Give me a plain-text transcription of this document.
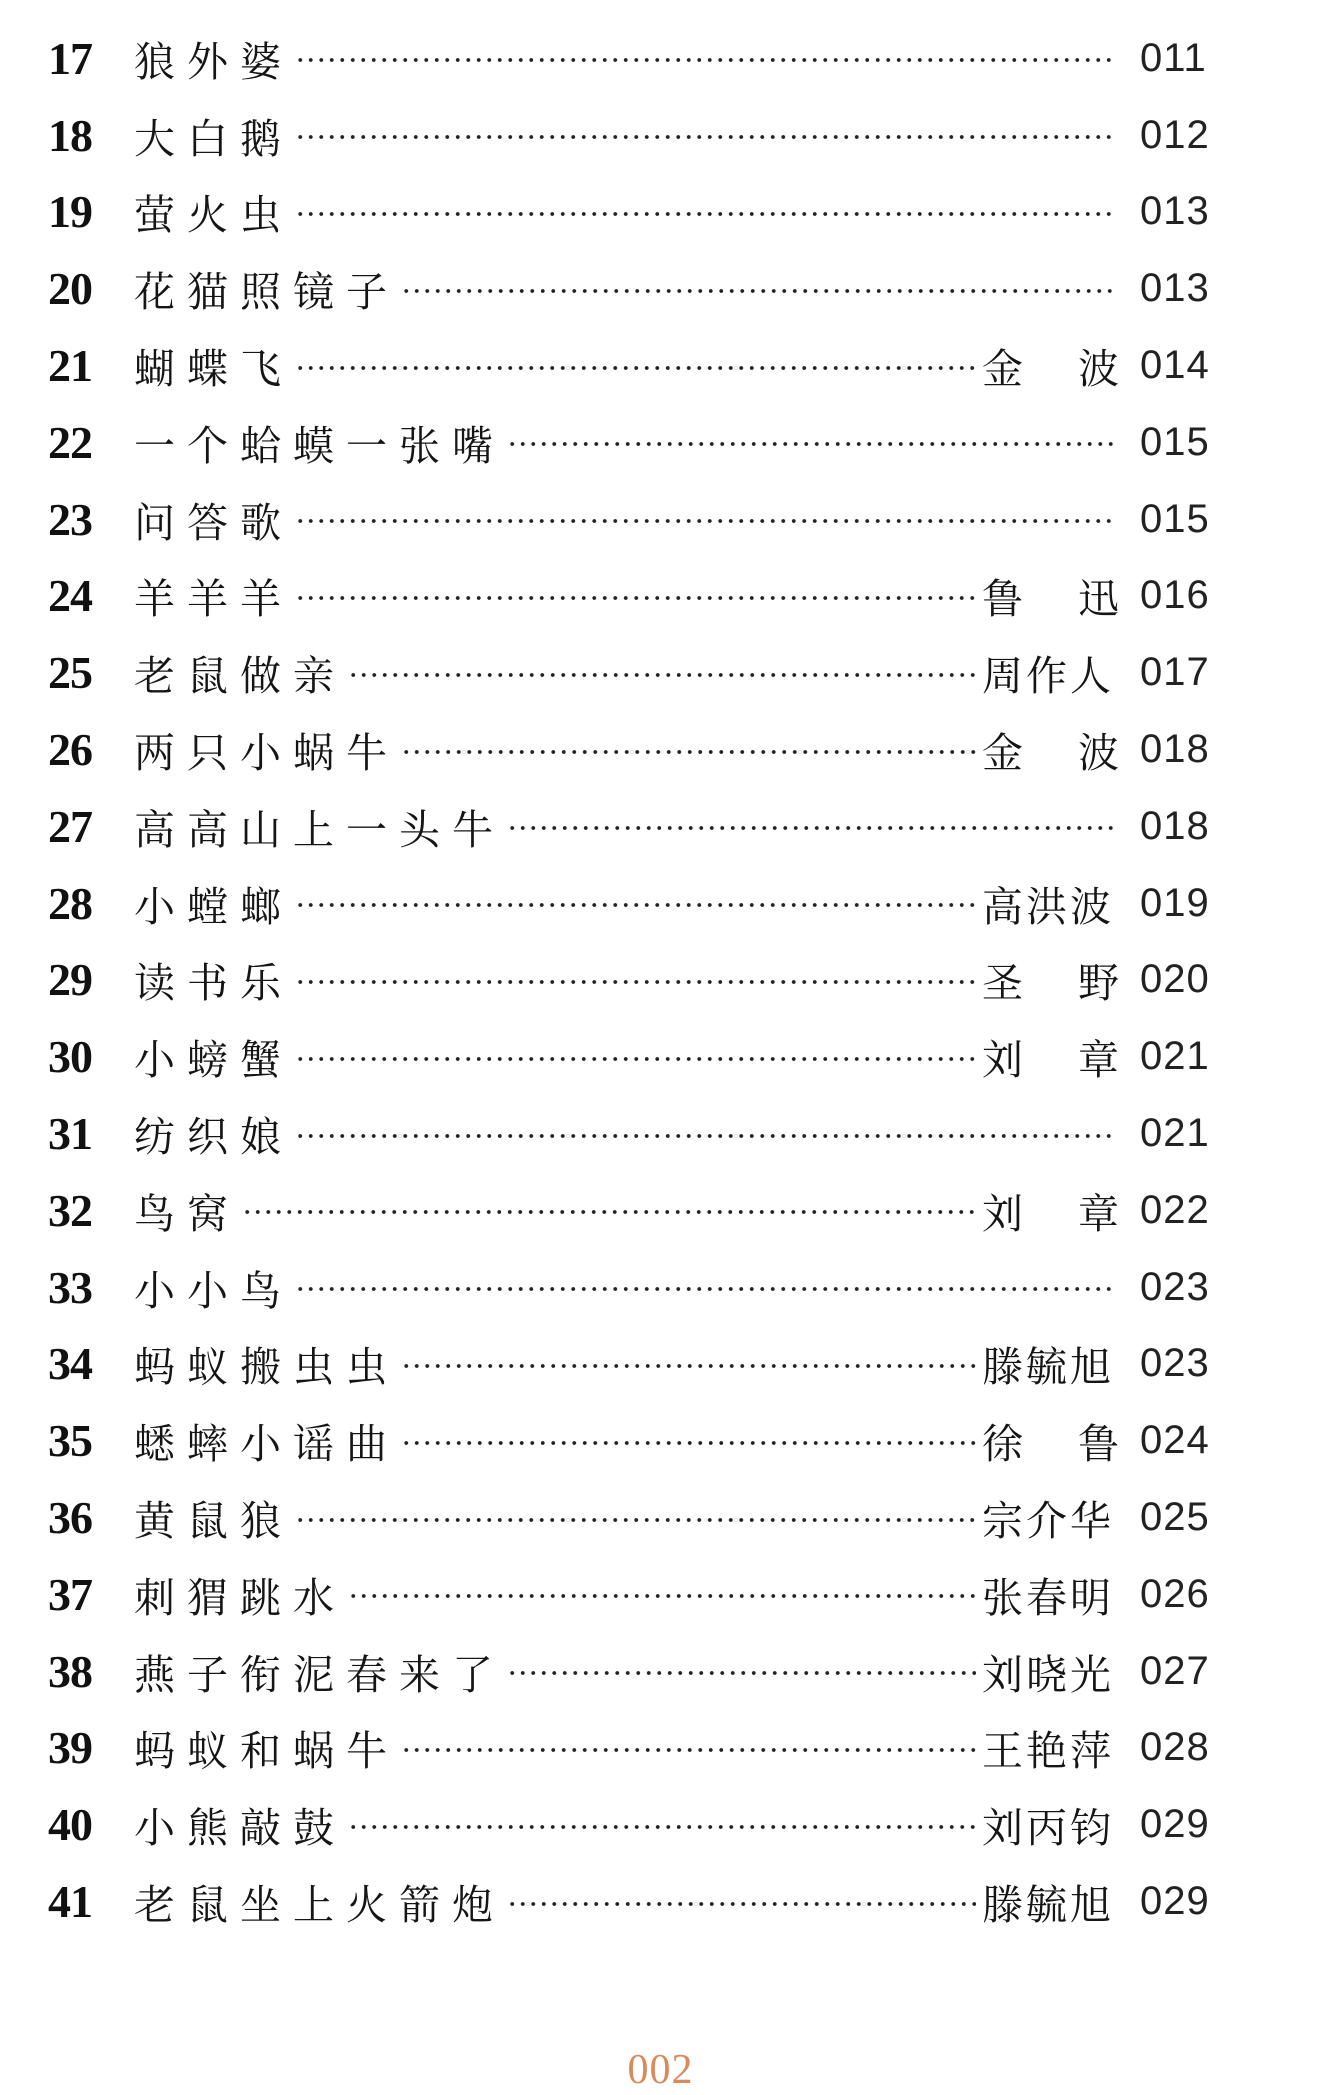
17	狼外婆	011
18	大白鹅	012
19	萤火虫	013
20	花猫照镜子	013
21	蝴蝶飞	金 波 014
22	一个蛤蟆一张嘴	015
23	问答歌	015
24	羊羊羊	鲁 迅 016
25	老鼠做亲	周作人 017
26	两只小蜗牛	金 波 018
27	高高山上一头牛	018
28	小螳螂	高洪波 019
29	读书乐	圣 野 020
30	小螃蟹	刘 章 021
31	纺织娘	021
32	鸟窝	刘 章 022
33	小小鸟	023
34	蚂蚁搬虫虫	滕毓旭 023
35	蟋蟀小谣曲	徐 鲁 024
36	黄鼠狼	宗介华 025
37	刺猬跳水	张春明 026
38	燕子衔泥春来了	刘晓光 027
39	蚂蚁和蜗牛	王艳萍 028
40	小熊敲鼓	刘丙钧 029
41	老鼠坐上火箭炮	滕毓旭 029
002
